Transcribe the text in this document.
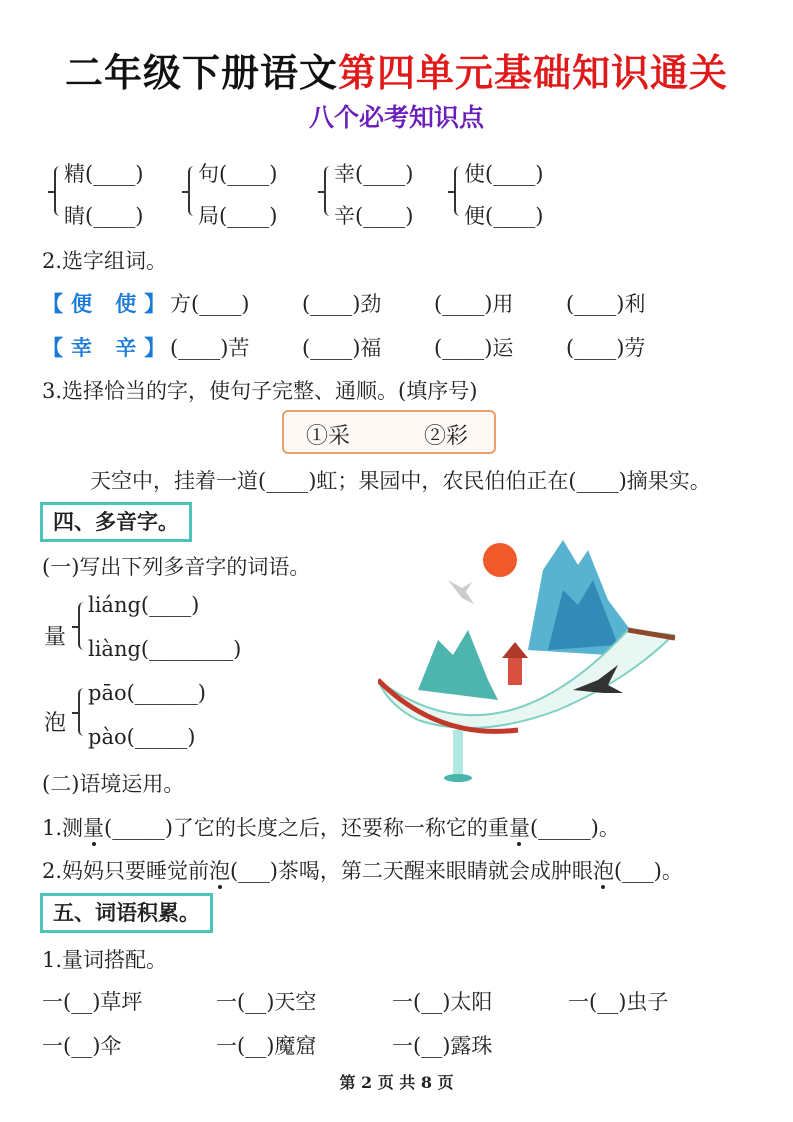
二年级下册语文第四单元基础知识通关
八个必考知识点
精(____)
睛(____)
句(____)
局(____)
幸(____)
辛(____)
使(____)
便(____)
2.选字组词。
【便 使】
方(____)	(____)劲	(____)用	(____)利
【幸 辛】
(____)苦	(____)福	(____)运	(____)劳
3.选择恰当的字，使句子完整、通顺。(填序号)
①采	②彩
天空中，挂着一道(____)虹；果园中，农民伯伯正在(____)摘果实。
四、多音字。
(一)写出下列多音字的词语。
量
liáng(____)
liàng(________)
泡
pāo(______)
pào(_____)
(二)语境运用。
1.测量(_____)了它的长度之后，还要称一称它的重量(_____)。
2.妈妈只要睡觉前泡(___)茶喝，第二天醒来眼睛就会成肿眼泡(___)。
五、词语积累。
1.量词搭配。
一(__)草坪	一(__)天空	一(__)太阳	一(__)虫子
一(__)伞	一(__)魔窟	一(__)露珠
第 2 页 共 8 页
